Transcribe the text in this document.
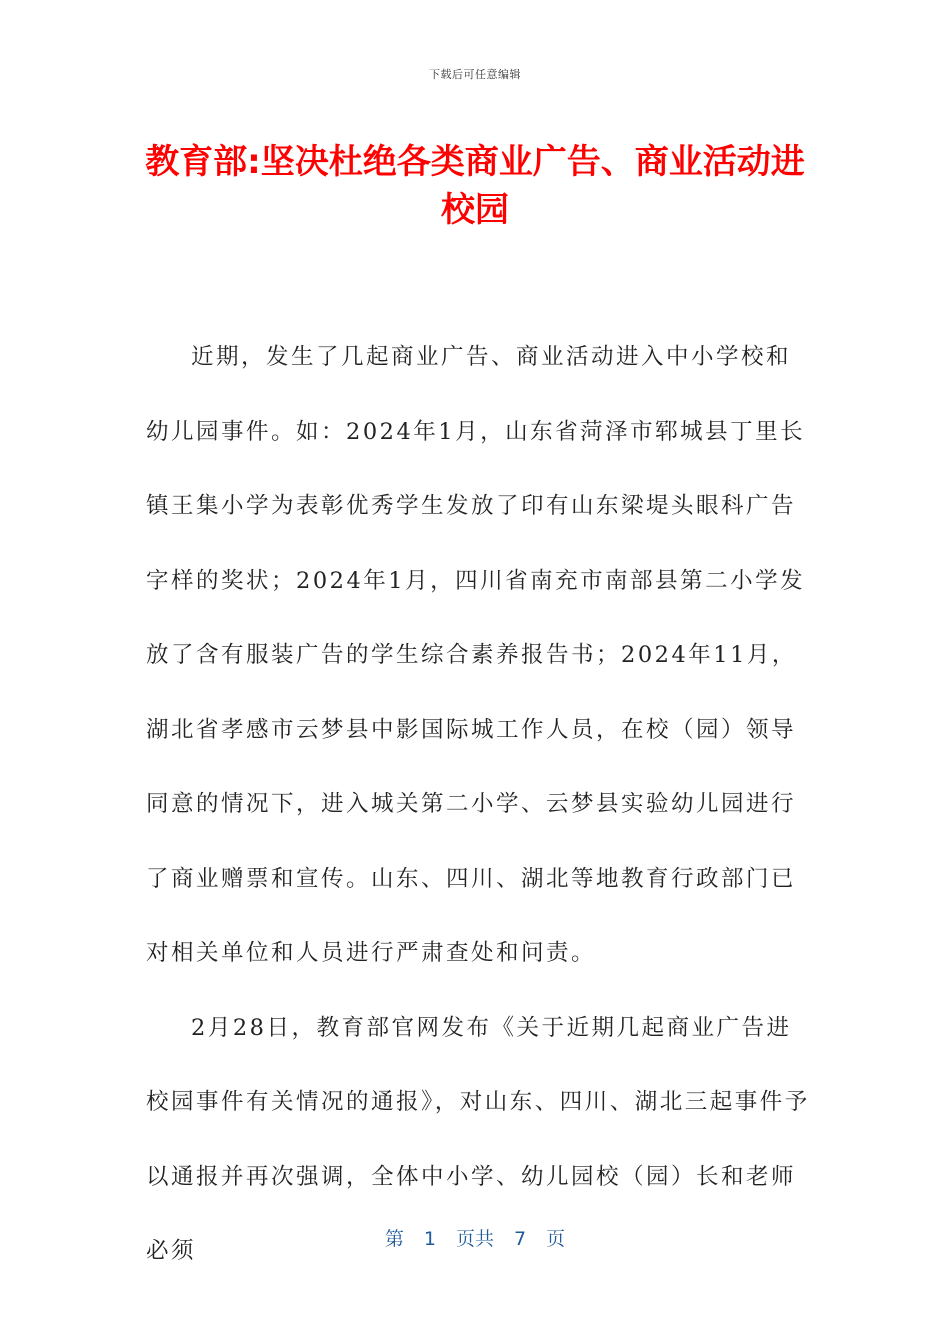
下载后可任意编辑
教育部:坚决杜绝各类商业广告、商业活动进校园

近期，发生了几起商业广告、商业活动进入中小学校和幼儿园事件。如：2024年1月，山东省菏泽市郓城县丁里长镇王集小学为表彰优秀学生发放了印有山东梁堤头眼科广告字样的奖状；2024年1月，四川省南充市南部县第二小学发放了含有服装广告的学生综合素养报告书；2024年11月，湖北省孝感市云梦县中影国际城工作人员，在校（园）领导同意的情况下，进入城关第二小学、云梦县实验幼儿园进行了商业赠票和宣传。山东、四川、湖北等地教育行政部门已对相关单位和人员进行严肃查处和问责。

2月28日，教育部官网发布《关于近期几起商业广告进校园事件有关情况的通报》，对山东、四川、湖北三起事件予以通报并再次强调，全体中小学、幼儿园校（园）长和老师必须	第 1 页共 7 页
